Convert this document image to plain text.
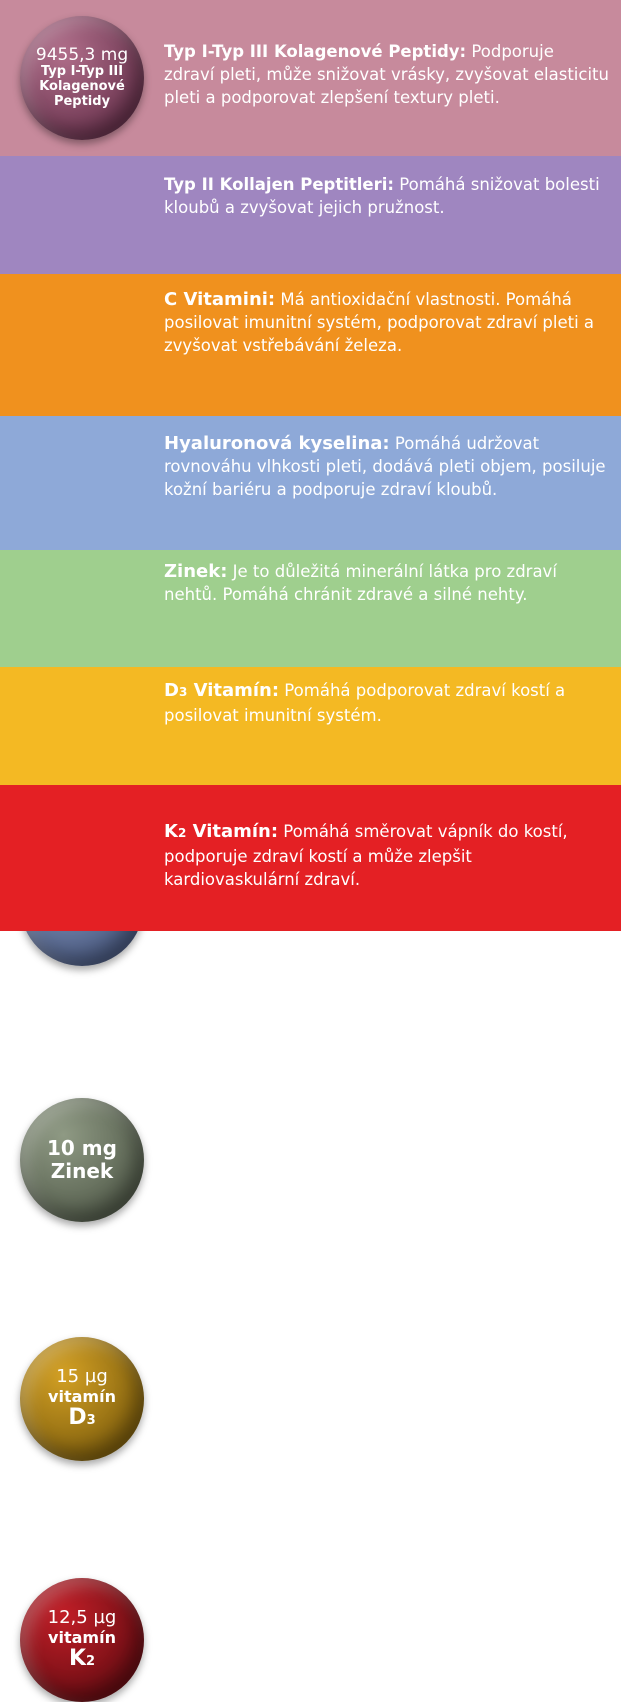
9455,3 mg
Typ I-Typ III
Kolagenové
Peptidy
Typ I-Typ III Kolagenové Peptidy: Podporuje zdraví pleti, může snižovat vrásky, zvyšovat elasticitu pleti a podporovat zlepšení textury pleti.
Typ II Kollajen Peptitleri: Pomáhá snižovat bolesti kloubů a zvyšovat jejich pružnost.
C Vitamini: Má antioxidační vlastnosti. Pomáhá posilovat imunitní systém, podporovat zdraví pleti a zvyšovat vstřebávání železa.
Hyaluronová kyselina: Pomáhá udržovat rovnováhu vlhkosti pleti, dodává pleti objem, posiluje kožní bariéru a podporuje zdraví kloubů.
10 mg
Zinek
Zinek: Je to důležitá minerální látka pro zdraví nehtů. Pomáhá chránit zdravé a silné nehty.
15 µg
vitamín
D3
D3 Vitamín: Pomáhá podporovat zdraví kostí a posilovat imunitní systém.
12,5 µg
vitamín
K2
K2 Vitamín: Pomáhá směrovat vápník do kostí, podporuje zdraví kostí a může zlepšit kardiovaskulární zdraví.
